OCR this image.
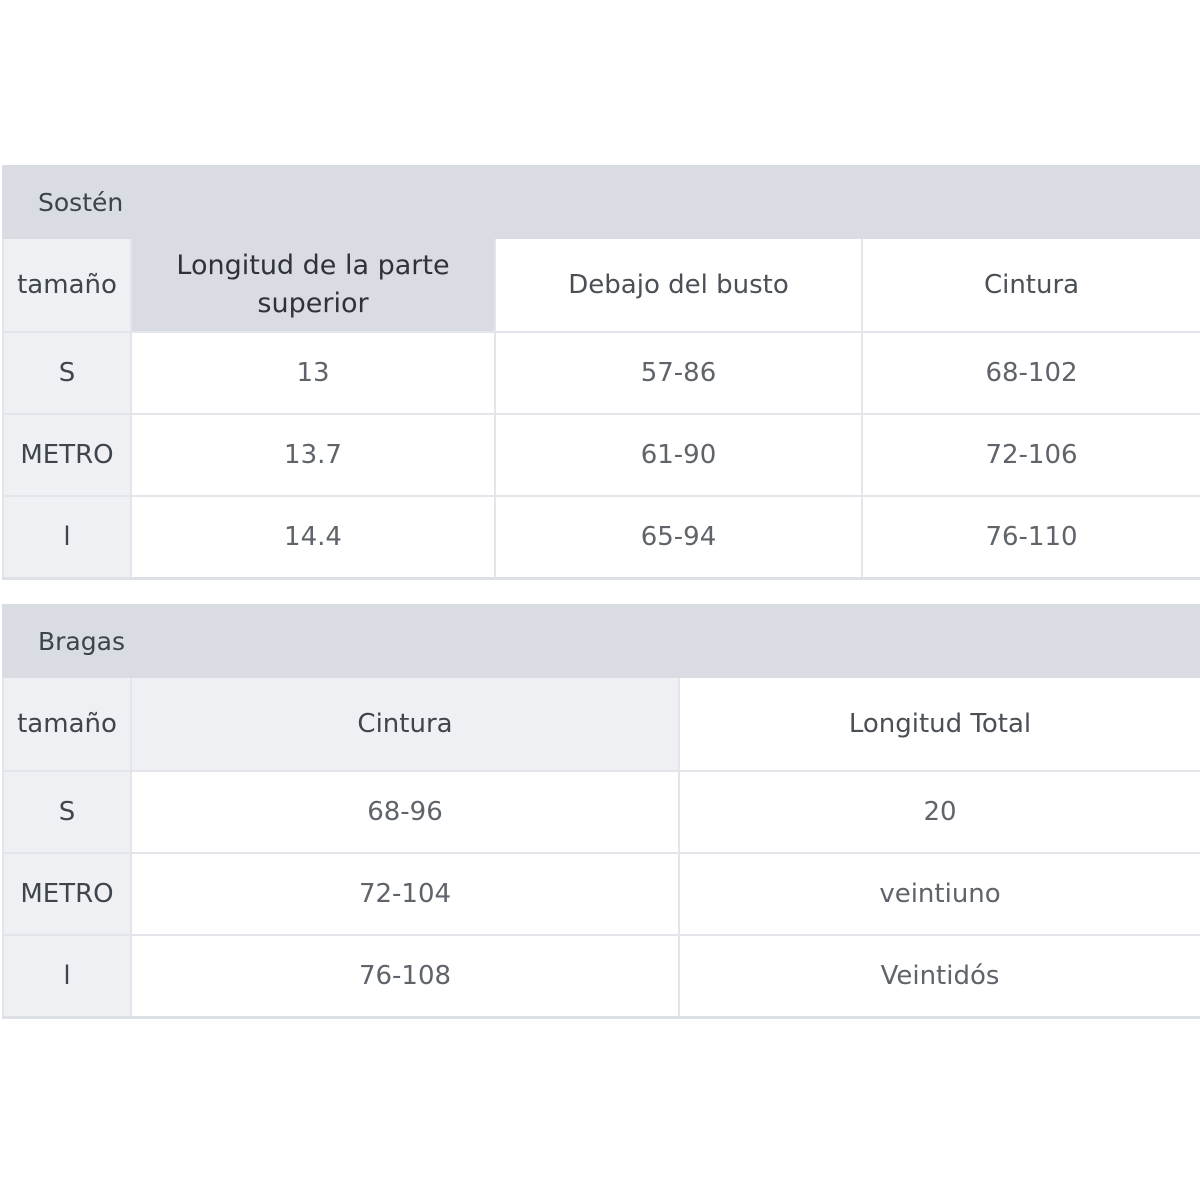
Sostén			
tamaño	Longitud de la parte superior	Debajo del busto	Cintura
S	13	57-86	68-102
METRO	13.7	61-90	72-106
l	14.4	65-94	76-110
Bragas		
tamaño	Cintura	Longitud Total
S	68-96	20
METRO	72-104	veintiuno
l	76-108	Veintidós
